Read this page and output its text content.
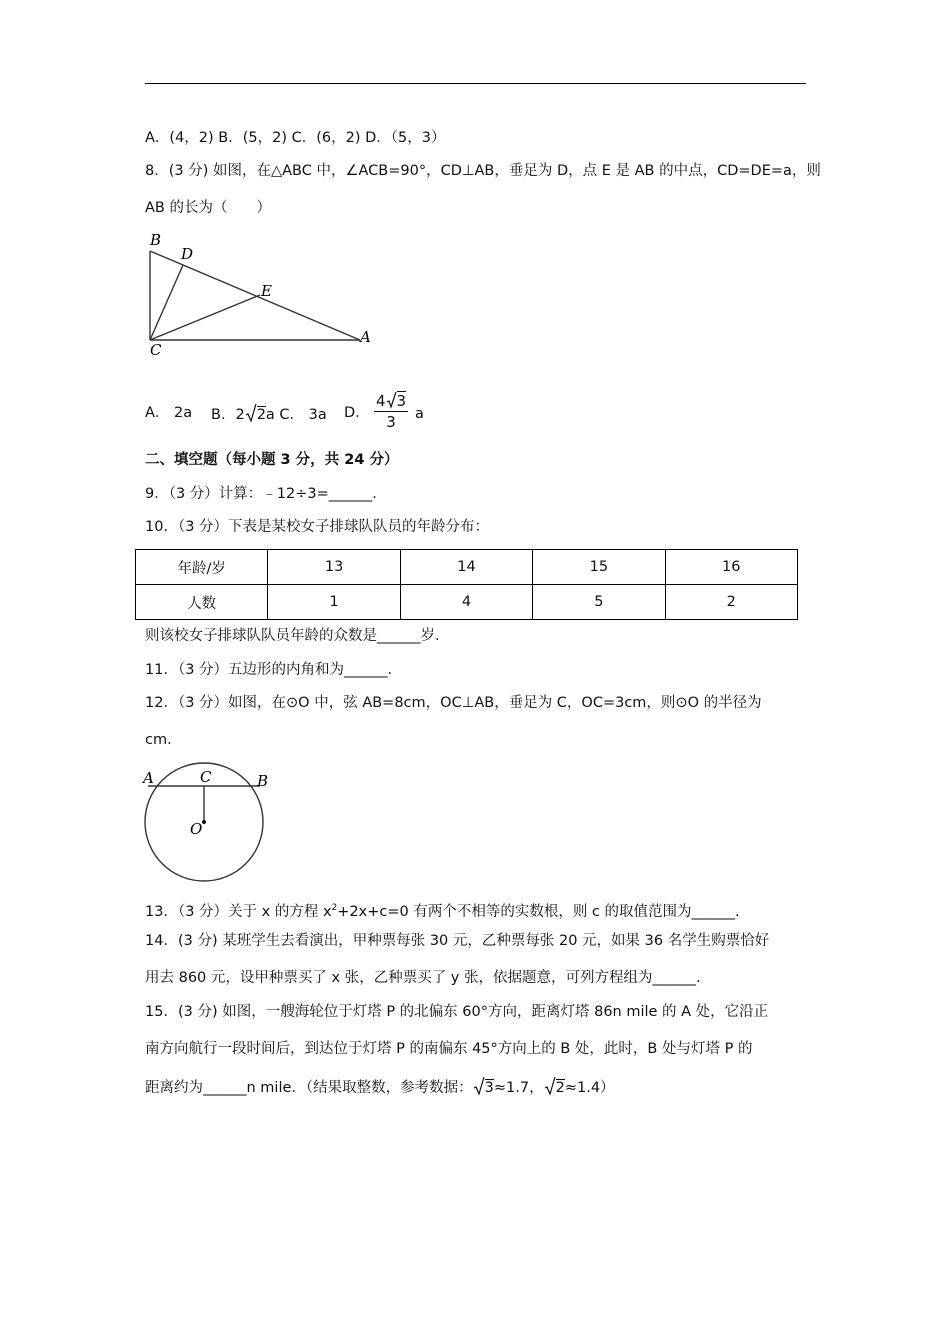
A．(4，2) B．(5，2) C．(6，2) D．（5，3）
8．(3 分) 如图，在△ABC 中，∠ACB=90°，CD⊥AB，垂足为 D，点 E 是 AB 的中点，CD=DE=a，则
AB 的长为（　　）
B
D
E
C
A
A． 2a B．2 2a C． 3a D．
4 3
3	a
二、填空题（每小题 3 分，共 24 分）
9．（3 分）计算：﹣12÷3=______．
10．（3 分）下表是某校女子排球队队员的年龄分布：
年龄/岁	13	14	15	16
人数	1	4	5	2
则该校女子排球队队员年龄的众数是______岁.
11．（3 分）五边形的内角和为______．
12．（3 分）如图，在⊙O 中，弦 AB=8cm，OC⊥AB，垂足为 C，OC=3cm，则⊙O 的半径为
cm．
A	C	B
O
13．（3 分）关于 x 的方程 $x^2+2x+c=0$ 有两个不相等的实数根，则 c 的取值范围为______.
14．(3 分) 某班学生去看演出，甲种票每张 30 元，乙种票每张 20 元，如果 36 名学生购票恰好
用去 860 元，设甲种票买了 x 张，乙种票买了 y 张，依据题意，可列方程组为______.
15．(3 分) 如图，一艘海轮位于灯塔 P 的北偏东 60°方向，距离灯塔 86n mile 的 A 处，它沿正
南方向航行一段时间后，到达位于灯塔 P 的南偏东 45°方向上的 B 处，此时，B 处与灯塔 P 的
距离约为______n mile．（结果取整数，参考数据： 3≈1.7， 2≈1.4）
